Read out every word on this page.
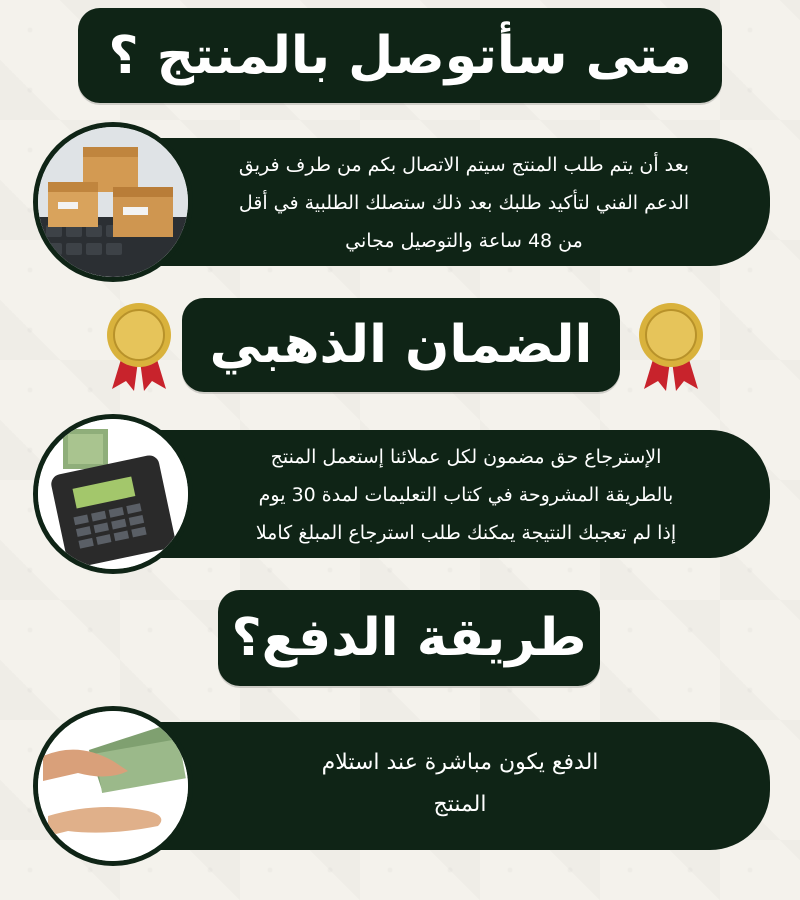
متى سأتوصل بالمنتج ؟
بعد أن يتم طلب المنتج سيتم الاتصال بكم من طرف فريق
الدعم الفني لتأكيد طلبك بعد ذلك ستصلك الطلبية في أقل
من 48 ساعة والتوصيل مجاني
الضمان الذهبي
الإسترجاع حق مضمون لكل عملائنا إستعمل المنتج
بالطريقة المشروحة في كتاب التعليمات لمدة 30 يوم
إذا لم تعجبك النتيجة يمكنك طلب استرجاع المبلغ كاملا
طريقة الدفع؟
الدفع يكون مباشرة عند استلام
المنتج
